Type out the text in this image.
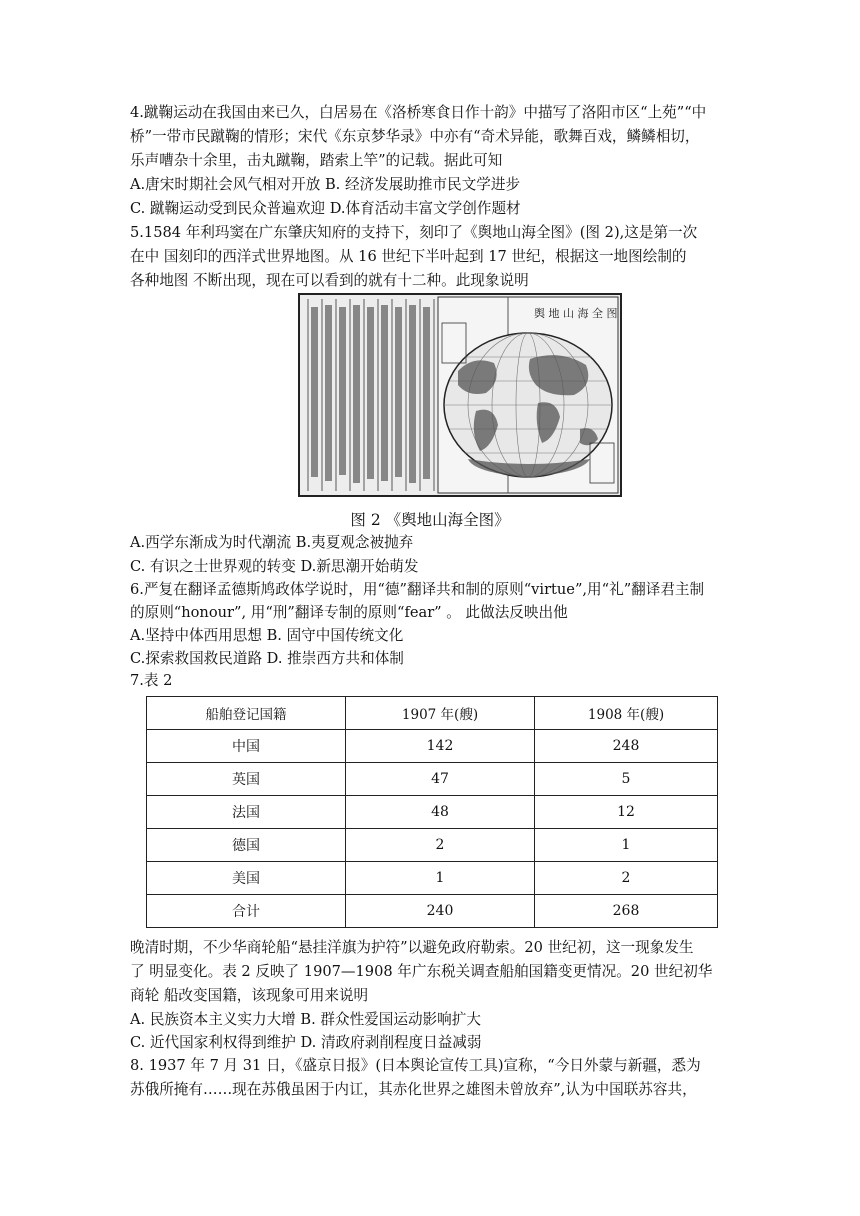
4.蹴鞠运动在我国由来已久，白居易在《洛桥寒食日作十韵》中描写了洛阳市区“上苑”“中
桥”一带市民蹴鞠的情形；宋代《东京梦华录》中亦有“奇术异能，歌舞百戏，鳞鳞相切，
乐声嘈杂十余里，击丸蹴鞠，踏索上竿”的记载。据此可知
A.唐宋时期社会风气相对开放 B. 经济发展助推市民文学进步
C. 蹴鞠运动受到民众普遍欢迎 D.体育活动丰富文学创作题材
5.1584 年利玛窦在广东肇庆知府的支持下，刻印了《舆地山海全图》(图 2),这是第一次
在中 国刻印的西洋式世界地图。从 16 世纪下半叶起到 17 世纪，根据这一地图绘制的
各种地图 不断出现，现在可以看到的就有十二种。此现象说明
舆 地 山 海 全 图
图 2 《舆地山海全图》
A.西学东渐成为时代潮流 B.夷夏观念被抛弃
C. 有识之士世界观的转变 D.新思潮开始萌发
6.严复在翻译孟德斯鸠政体学说时，用“德”翻译共和制的原则“virtue”,用“礼”翻译君主制
的原则“honour”, 用“刑”翻译专制的原则“fear” 。 此做法反映出他
A.坚持中体西用思想 B. 固守中国传统文化
C.探索救国救民道路 D. 推崇西方共和体制
7.表 2
船舶登记国籍	1907 年(艘)	1908 年(艘)
中国	142	248
英国	47	5
法国	48	12
德国	2	1
美国	1	2
合计	240	268
晚清时期，不少华商轮船“悬挂洋旗为护符”以避免政府勒索。20 世纪初，这一现象发生
了 明显变化。表 2 反映了 1907—1908 年广东税关调查船舶国籍变更情况。20 世纪初华
商轮 船改变国籍，该现象可用来说明
A. 民族资本主义实力大增 B. 群众性爱国运动影响扩大
C. 近代国家利权得到维护 D. 清政府剥削程度日益减弱
8. 1937 年 7 月 31 日，《盛京日报》(日本舆论宣传工具)宣称，“今日外蒙与新疆，悉为
苏俄所掩有……现在苏俄虽困于内讧，其赤化世界之雄图未曾放弃”,认为中国联苏容共，
